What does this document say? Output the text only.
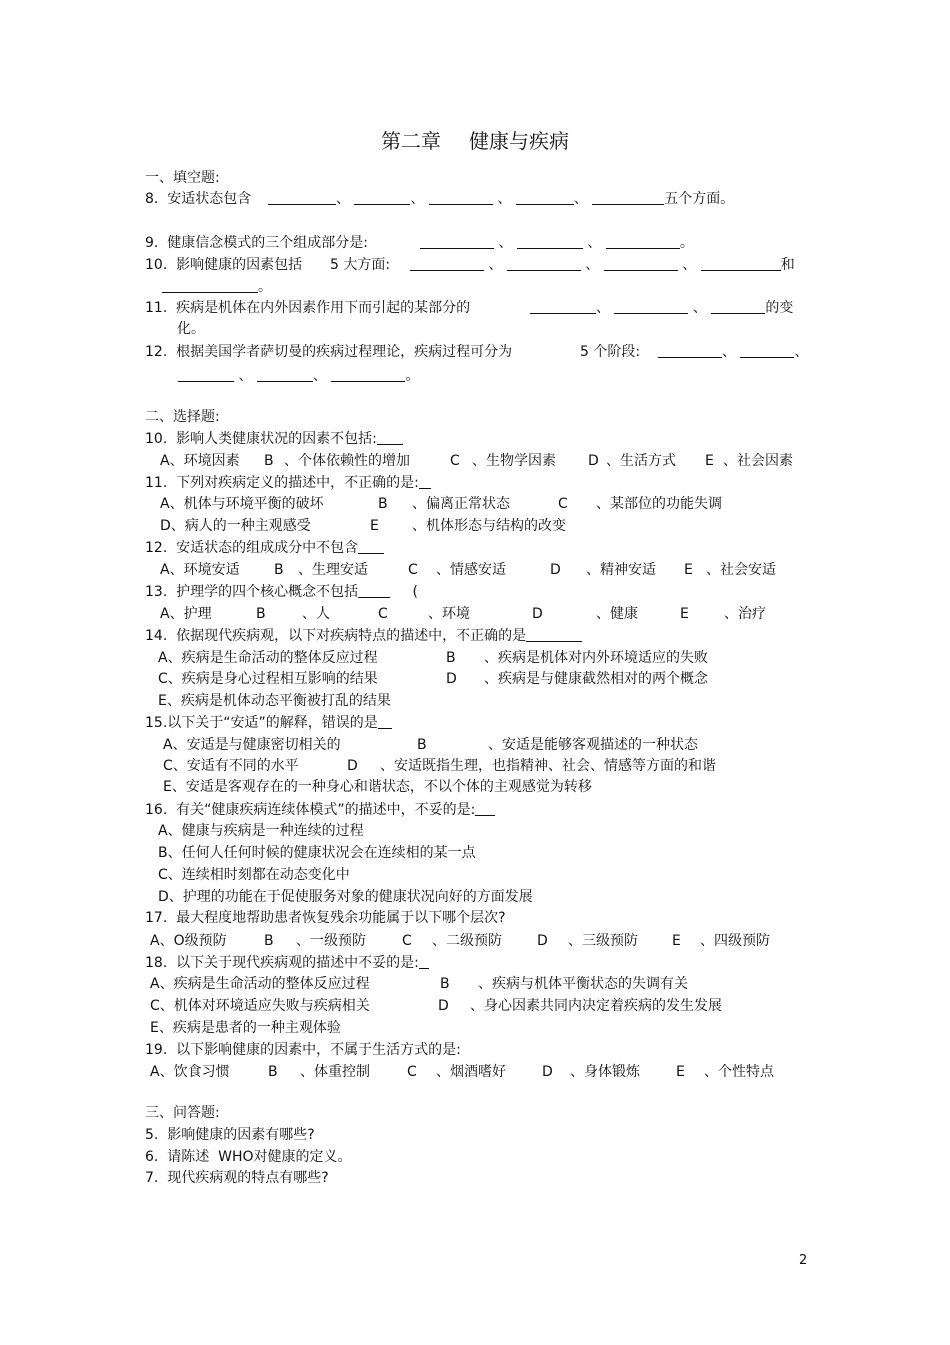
第二章 健康与疾病
一、填空题:
8. 安适状态包含	、	、	、	、	五个方面。
9. 健康信念模式的三个组成部分是:	、	、	。
10. 影响健康的因素包括 5 大方面:	、	、	、	和
。
11. 疾病是机体在内外因素作用下而引起的某部分的	、	、	的变
化。
12. 根据美国学者萨切曼的疾病过程理论，疾病过程可分为	5 个阶段:	、	、
、	、	。
二、选择题:
10. 影响人类健康状况的因素不包括:
A、环境因素 B 、个体依赖性的增加	C 、生物学因素 D 、生活方式 E 、社会因素
11. 下列对疾病定义的描述中，不正确的是:
A、机体与环境平衡的破坏	B 、偏离正常状态	C 、某部位的功能失调
D、病人的一种主观感受	E 、机体形态与结构的改变
12. 安适状态的组成成分中不包含
A、环境安适 B 、生理安适	C 、情感安适	D 、精神安适 E 、社会安适
13. 护理学的四个核心概念不包括	(
A、护理	B	、人	C	、环境	D	、健康	E	、治疗
14. 依据现代疾病观，以下对疾病特点的描述中，不正确的是
A、疾病是生命活动的整体反应过程	B 、疾病是机体对内外环境适应的失败
C、疾病是身心过程相互影响的结果	D 、疾病是与健康截然相对的两个概念
E、疾病是机体动态平衡被打乱的结果
15.以下关于“安适”的解释，错误的是
A、安适是与健康密切相关的	B	、安适是能够客观描述的一种状态
C、安适有不同的水平	D 、安适既指生理，也指精神、社会、情感等方面的和谐
E、安适是客观存在的一种身心和谐状态，不以个体的主观感觉为转移
16. 有关“健康疾病连续体模式”的描述中，不妥的是:
A、健康与疾病是一种连续的过程
B、任何人任何时候的健康状况会在连续相的某一点
C、连续相时刻都在动态变化中
D、护理的功能在于促使服务对象的健康状况向好的方面发展
17. 最大程度地帮助患者恢复残余功能属于以下哪个层次?
A、O级预防	B 、一级预防	C 、二级预防	D 、三级预防 E 、四级预防
18. 以下关于现代疾病观的描述中不妥的是:
A、疾病是生命活动的整体反应过程	B 、疾病与机体平衡状态的失调有关
C、机体对环境适应失败与疾病相关	D 、身心因素共同内决定着疾病的发生发展
E、疾病是患者的一种主观体验
19. 以下影响健康的因素中，不属于生活方式的是:
A、饮食习惯	B 、体重控制	C 、烟酒嗜好	D 、身体锻炼	E 、个性特点
三、问答题:
5. 影响健康的因素有哪些?
6. 请陈述 WHO对健康的定义。
7. 现代疾病观的特点有哪些?
2
